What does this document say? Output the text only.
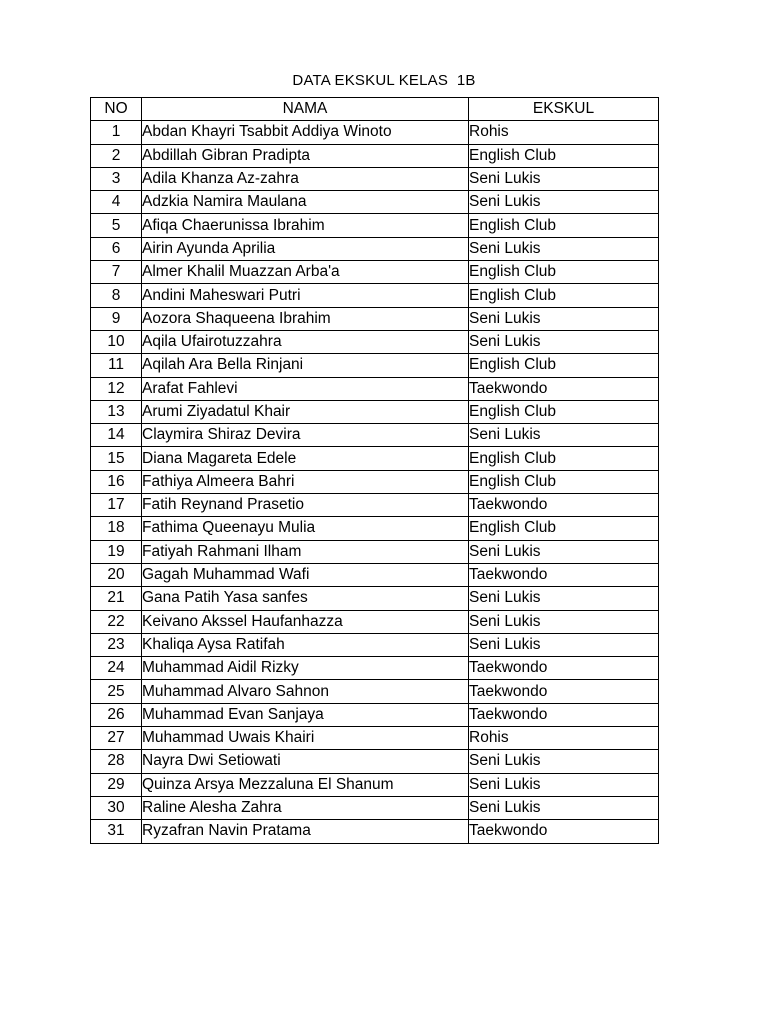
DATA EKSKUL KELAS  1B
NO	NAMA	EKSKUL
1	Abdan Khayri Tsabbit Addiya Winoto	Rohis
2	Abdillah Gibran Pradipta	English Club
3	Adila Khanza Az-zahra	Seni Lukis
4	Adzkia Namira Maulana	Seni Lukis
5	Afiqa Chaerunissa Ibrahim	English Club
6	Airin Ayunda Aprilia	Seni Lukis
7	Almer Khalil Muazzan Arba'a	English Club
8	Andini Maheswari Putri	English Club
9	Aozora Shaqueena Ibrahim	Seni Lukis
10	Aqila Ufairotuzzahra	Seni Lukis
11	Aqilah Ara Bella Rinjani	English Club
12	Arafat Fahlevi	Taekwondo
13	Arumi Ziyadatul Khair	English Club
14	Claymira Shiraz Devira	Seni Lukis
15	Diana Magareta Edele	English Club
16	Fathiya Almeera Bahri	English Club
17	Fatih Reynand Prasetio	Taekwondo
18	Fathima Queenayu Mulia	English Club
19	Fatiyah Rahmani Ilham	Seni Lukis
20	Gagah Muhammad Wafi	Taekwondo
21	Gana Patih Yasa sanfes	Seni Lukis
22	Keivano Akssel Haufanhazza	Seni Lukis
23	Khaliqa Aysa Ratifah	Seni Lukis
24	Muhammad Aidil Rizky	Taekwondo
25	Muhammad Alvaro Sahnon	Taekwondo
26	Muhammad Evan Sanjaya	Taekwondo
27	Muhammad Uwais Khairi	Rohis
28	Nayra Dwi Setiowati	Seni Lukis
29	Quinza Arsya Mezzaluna El Shanum	Seni Lukis
30	Raline Alesha Zahra	Seni Lukis
31	Ryzafran Navin Pratama	Taekwondo
